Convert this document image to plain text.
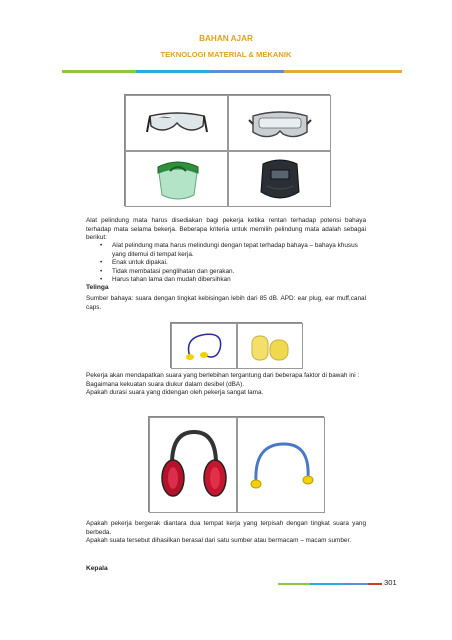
BAHAN AJAR
TEKNOLOGI MATERIAL & MEKANIK

Alat pelindung mata harus disediakan bagi pekerja ketika rentan terhadap potensi bahaya terhadap mata selama bekerja. Beberapa kriteria untuk memilih pelindung mata adalah sebagai berikut:

•	Alat pelindung mata harus melindungi dengan tepat terhadap bahaya – bahaya khusus yang ditemui di tempat kerja.
•	Enak untuk dipakai.
•	Tidak membatasi penglihatan dan gerakan.
•	Harus tahan lama dan mudah dibersihkan
Telinga

Sumber bahaya: suara dengan tingkat kebisingan lebih dari 85 dB. APD: ear plug, ear muff,canal caps.

Pekerja akan mendapatkan suara yang berlebihan tergantung dari beberapa faktor di bawah ini :

Bagaimana kekuatan suara diukur dalam desibel (dBA).

Apakah durasi suara yang didengan oleh pekerja sangat lama.

Apakah pekerja bergerak diantara dua tempat kerja yang terpisah dengan tingkat suara yang berbeda.

Apakah suata tersebut dihasilkan berasal dari satu sumber atau bermacam – macam sumber.

Kepala
301
